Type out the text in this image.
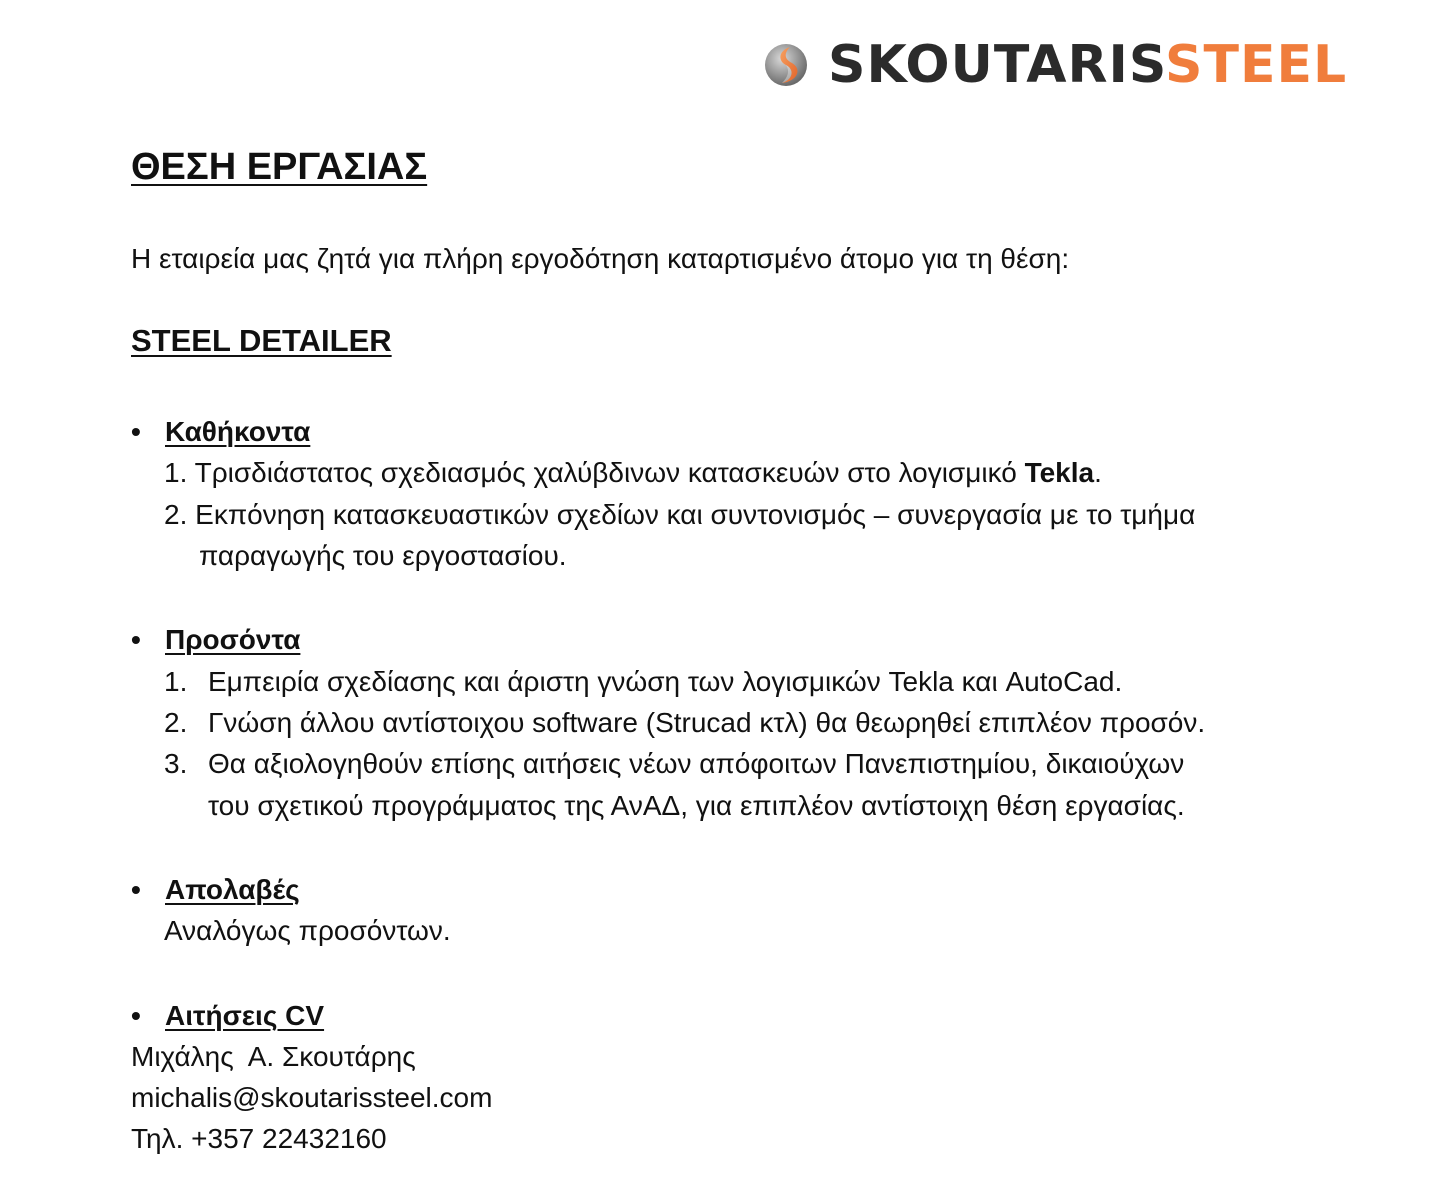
SKOUTARISSTEEL
ΘΕΣΗ ΕΡΓΑΣΙΑΣ
Η εταιρεία μας ζητά για πλήρη εργοδότηση καταρτισμένο άτομο για τη θέση:
STEEL DETAILER
• Καθήκοντα
1. Τρισδιάστατος σχεδιασμός χαλύβδινων κατασκευών στο λογισμικό Tekla.
2. Εκπόνηση κατασκευαστικών σχεδίων και συντονισμός – συνεργασία με το τμήμα
παραγωγής του εργοστασίου.
• Προσόντα
1. Εμπειρία σχεδίασης και άριστη γνώση των λογισμικών Tekla και AutoCad.
2. Γνώση άλλου αντίστοιχου software (Strucad κτλ) θα θεωρηθεί επιπλέον προσόν.
3. Θα αξιολογηθούν επίσης αιτήσεις νέων απόφοιτων Πανεπιστημίου, δικαιούχων
του σχετικού προγράμματος της ΑνΑΔ, για επιπλέον αντίστοιχη θέση εργασίας.
• Απολαβές
Αναλόγως προσόντων.
• Αιτήσεις CV
Μιχάλης  Α. Σκουτάρης
michalis@skoutarissteel.com
Τηλ. +357 22432160
